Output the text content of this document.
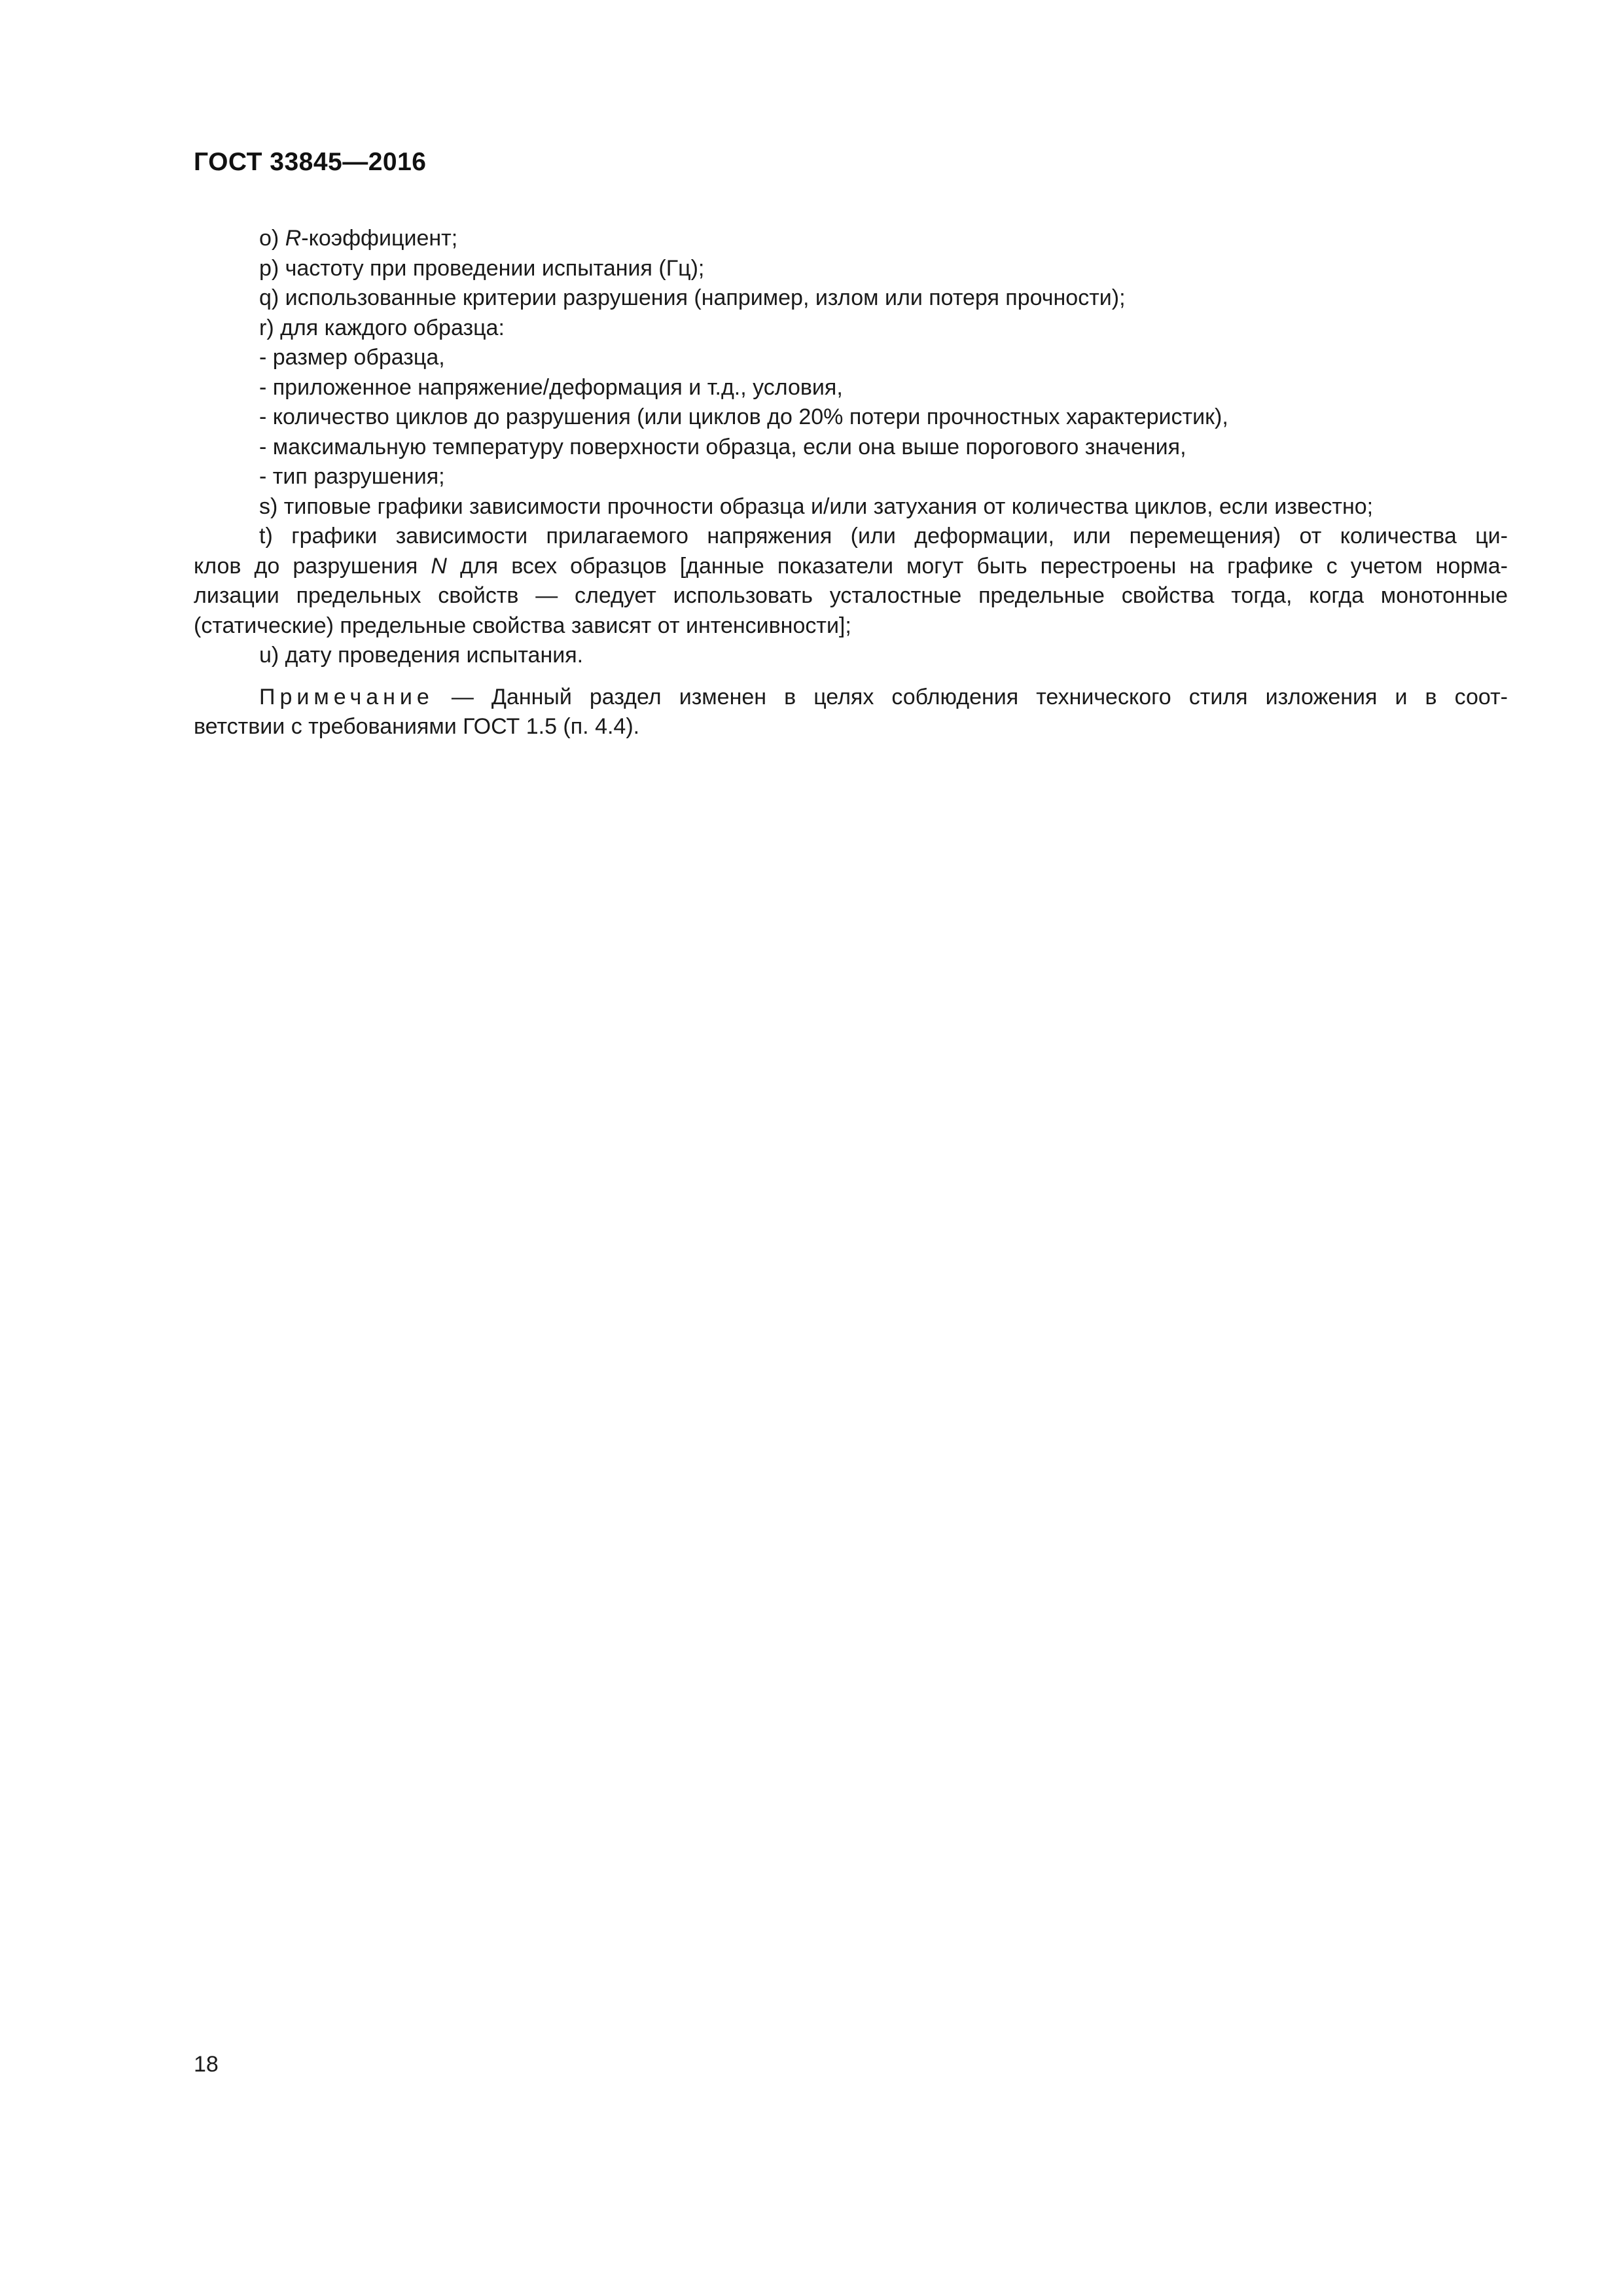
ГОСТ 33845—2016
o) R-коэффициент;
p) частоту при проведении испытания (Гц);
q) использованные критерии разрушения (например, излом или потеря прочности);
r) для каждого образца:
- размер образца,
- приложенное напряжение/деформация и т.д., условия,
- количество циклов до разрушения (или циклов до 20% потери прочностных характеристик),
- максимальную температуру поверхности образца, если она выше порогового значения,
- тип разрушения;
s) типовые графики зависимости прочности образца и/или затухания от количества циклов, если известно;
t) графики зависимости прилагаемого напряжения (или деформации, или перемещения) от количества ци-
клов до разрушения N для всех образцов [данные показатели могут быть перестроены на графике с учетом норма-
лизации предельных свойств — следует использовать усталостные предельные свойства тогда, когда монотонные
(статические) предельные свойства зависят от интенсивности];
u) дату проведения испытания.
Примечание — Данный раздел изменен в целях соблюдения технического стиля изложения и в соот-
ветствии с требованиями ГОСТ 1.5 (п. 4.4).
18
